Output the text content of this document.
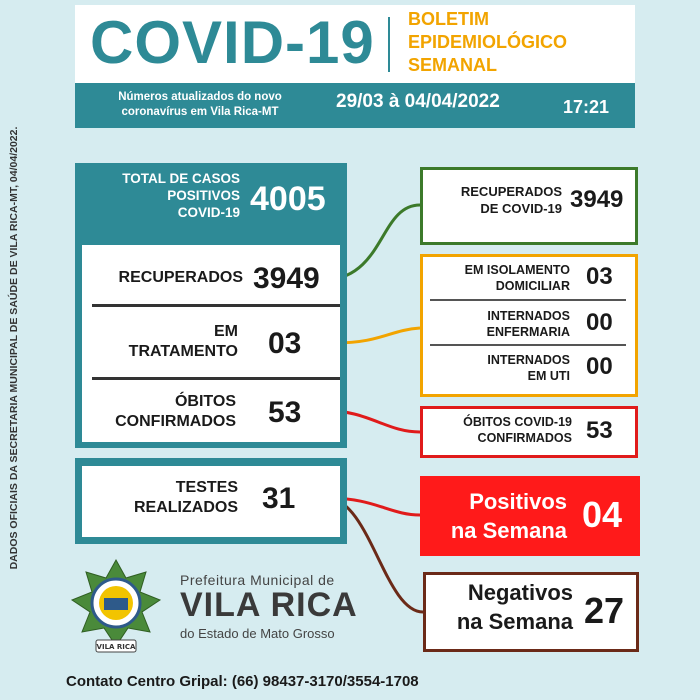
COVID-19 BOLETIM
EPIDEMIOLÓGICO
SEMANAL
Números atualizados do novo
coronavírus em Vila Rica-MT	29/03 à 04/04/2022	17:21
DADOS OFICIAIS DA SECRETARIA MUNICIPAL DE SAÚDE DE VILA RICA-MT, 04/04/2022.	TOTAL DE CASOS
POSITIVOS
COVID-19 4005
RECUPERADOS 3949
EM
TRATAMENTO 03
ÓBITOS
CONFIRMADOS 53
TESTES
REALIZADOS 31
RECUPERADOS
DE COVID-19 3949
EM ISOLAMENTO
DOMICILIAR 03
INTERNADOS
ENFERMARIA 00
INTERNADOS
EM UTI 00
ÓBITOS COVID-19
CONFIRMADOS 53
Positivos
na Semana 04
Negativos
na Semana 27
VILA RICA
Prefeitura Municipal de
VILA RICA
do Estado de Mato Grosso
Contato Centro Gripal: (66) 98437-3170/3554-1708
